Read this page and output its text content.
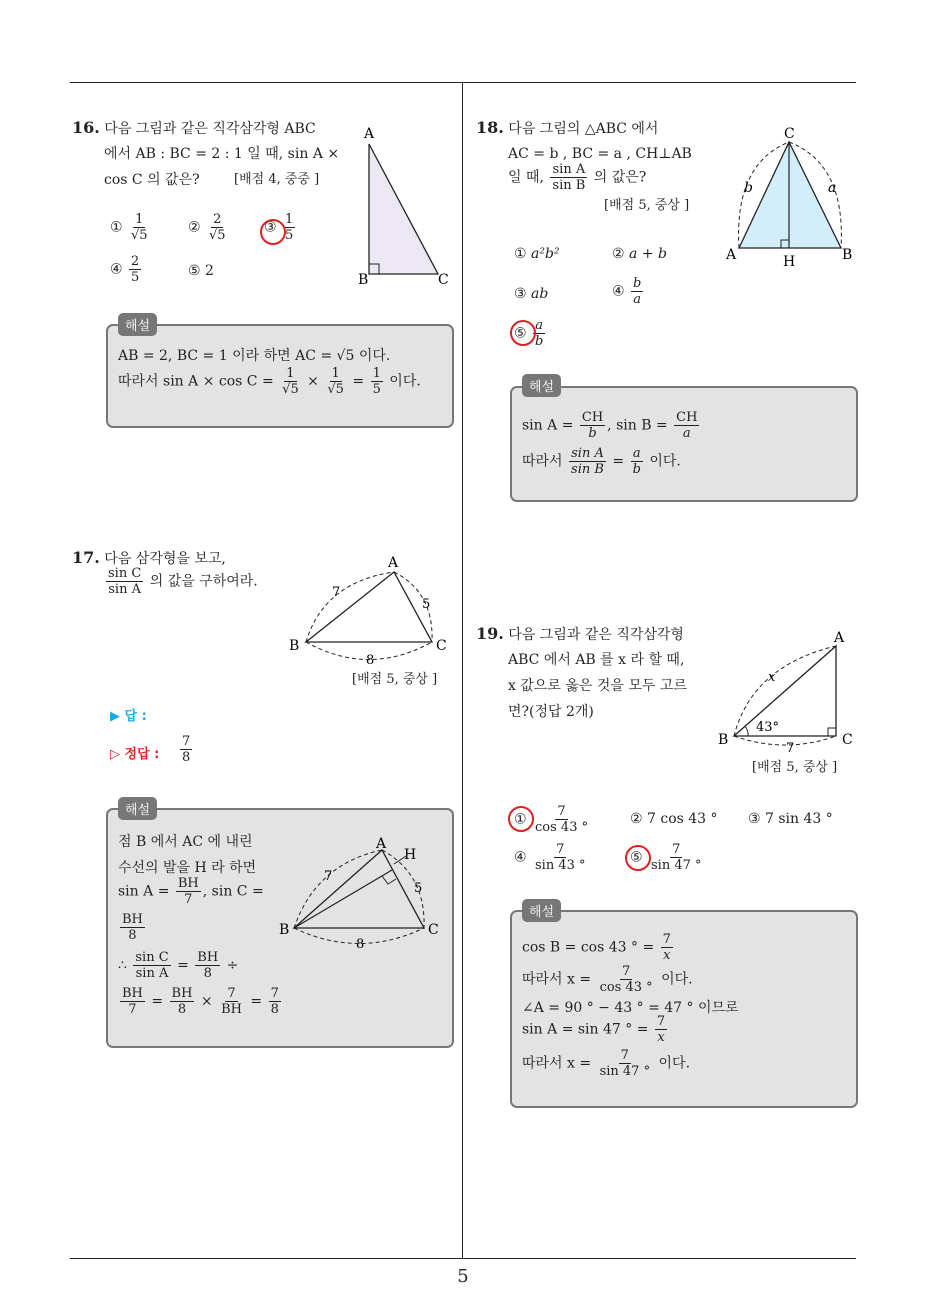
5
16. 다음 그림과 같은 직각삼각형 ABC
에서 AB : BC = 2 : 1 일 때, sin A ×
cos C 의 값은?	[배점 4, 중중 ]
A
B	C
① $\frac{1}{√5}$	② $\frac{2}{√5}$	③ $\frac{1}{5}$
④ $\frac{2}{5}$	⑤ 2
해설
AB = 2, BC = 1 이라 하면 AC = √5 이다.
따라서 $\sin A \times \cos C = \frac{1}{√5} \times \frac{1}{√5} = \frac{1}{5}$ 이다.
17. 다음 삼각형을 보고,
$\frac{\text{sin C}}{\text{sin A}}$ 의 값을 구하여라.
A
B	C
7
5
8
[배점 5, 중상 ]
▶ 답 :
▷ 정답 : $\frac{7}{8}$
해설
점 B 에서 AC 에 내린
수선의 발을 H 라 하면
$\sin A = \frac{BH}{7}$ , sin C =
$\frac{BH}{8}$
∴ $\frac{\text{sin C}}{\text{sin A}} = \frac{BH}{8}$ ÷
$\frac{BH}{7} = \frac{BH}{8} \times \frac{7}{BH} = \frac{7}{8}$
A
B	C
H
7
5
8
18. 다음 그림의 △ABC 에서
AC = b , BC = a , CH⊥AB
일 때, $\frac{\text{sin A}}{\text{sin B}}$ 의 값은?
[배점 5, 중상 ]
C
A	B
H
b	a
① a²b²	② a + b
③ ab	④ $\frac{b}{a}$
⑤ $\frac{a}{b}$
해설
$\sin A = \frac{CH}{b}$ , $\sin B = \frac{CH}{a}$
따라서 $\frac{\text{sin A}}{\text{sin B}} = \frac{a}{b}$ 이다.
19. 다음 그림과 같은 직각삼각형
ABC 에서 AB 를 x 라 할 때,
x 값으로 옳은 것을 모두 고르
면?(정답 2개)
A
B	C
x
43°
7
[배점 5, 중상 ]
① $\frac{7}{\cos 43 ^\circ}$	② 7 cos 43 ° ③ 7 sin 43 °
④ $\frac{7}{\sin 43 ^\circ}$	⑤ $\frac{7}{\sin 47 ^\circ}$
해설
cos B = cos 43 ° = $\frac{7}{x}$
따라서 $x = \frac{7}{\cos 43 ^\circ}$ 이다.
∠A = 90 ° − 43 ° = 47 ° 이므로
sin A = sin 47 ° = $\frac{7}{x}$
따라서 $x = \frac{7}{\sin 47 ^\circ}$ 이다.
